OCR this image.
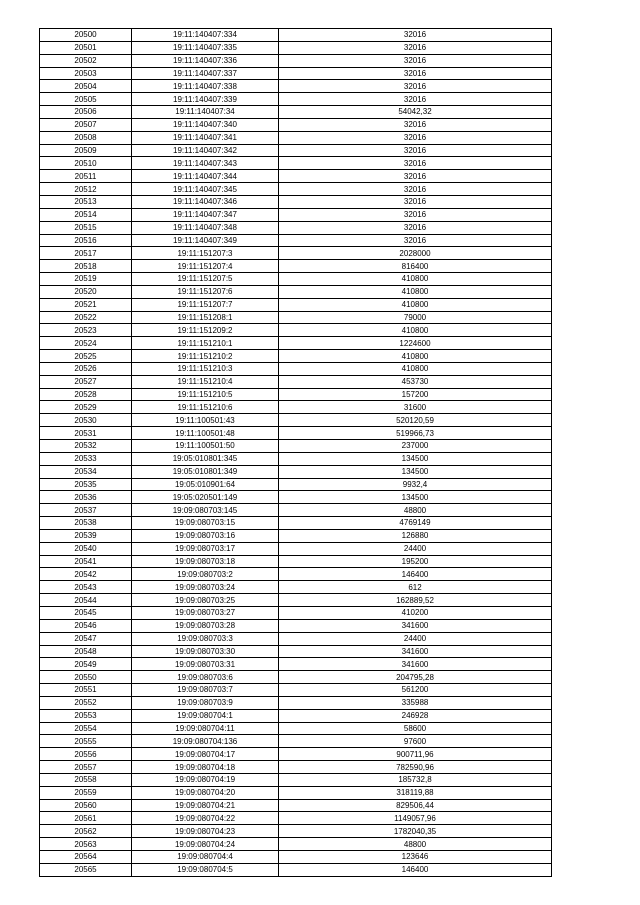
20500	19:11:140407:334	32016
20501	19:11:140407:335	32016
20502	19:11:140407:336	32016
20503	19:11:140407:337	32016
20504	19:11:140407:338	32016
20505	19:11:140407:339	32016
20506	19:11:140407:34	54042,32
20507	19:11:140407:340	32016
20508	19:11:140407:341	32016
20509	19:11:140407:342	32016
20510	19:11:140407:343	32016
20511	19:11:140407:344	32016
20512	19:11:140407:345	32016
20513	19:11:140407:346	32016
20514	19:11:140407:347	32016
20515	19:11:140407:348	32016
20516	19:11:140407:349	32016
20517	19:11:151207:3	2028000
20518	19:11:151207:4	816400
20519	19:11:151207:5	410800
20520	19:11:151207:6	410800
20521	19:11:151207:7	410800
20522	19:11:151208:1	79000
20523	19:11:151209:2	410800
20524	19:11:151210:1	1224600
20525	19:11:151210:2	410800
20526	19:11:151210:3	410800
20527	19:11:151210:4	453730
20528	19:11:151210:5	157200
20529	19:11:151210:6	31600
20530	19:11:100501:43	520120,59
20531	19:11:100501:48	519966,73
20532	19:11:100501:50	237000
20533	19:05:010801:345	134500
20534	19:05:010801:349	134500
20535	19:05:010901:64	9932,4
20536	19:05:020501:149	134500
20537	19:09:080703:145	48800
20538	19:09:080703:15	4769149
20539	19:09:080703:16	126880
20540	19:09:080703:17	24400
20541	19:09:080703:18	195200
20542	19:09:080703:2	146400
20543	19:09:080703:24	612
20544	19:09:080703:25	162889,52
20545	19:09:080703:27	410200
20546	19:09:080703:28	341600
20547	19:09:080703:3	24400
20548	19:09:080703:30	341600
20549	19:09:080703:31	341600
20550	19:09:080703:6	204795,28
20551	19:09:080703:7	561200
20552	19:09:080703:9	335988
20553	19:09:080704:1	246928
20554	19:09:080704:11	58600
20555	19:09:080704:136	97600
20556	19:09:080704:17	900711,96
20557	19:09:080704:18	782590,96
20558	19:09:080704:19	185732,8
20559	19:09:080704:20	318119,88
20560	19:09:080704:21	829506,44
20561	19:09:080704:22	1149057,96
20562	19:09:080704:23	1782040,35
20563	19:09:080704:24	48800
20564	19:09:080704:4	123646
20565	19:09:080704:5	146400
